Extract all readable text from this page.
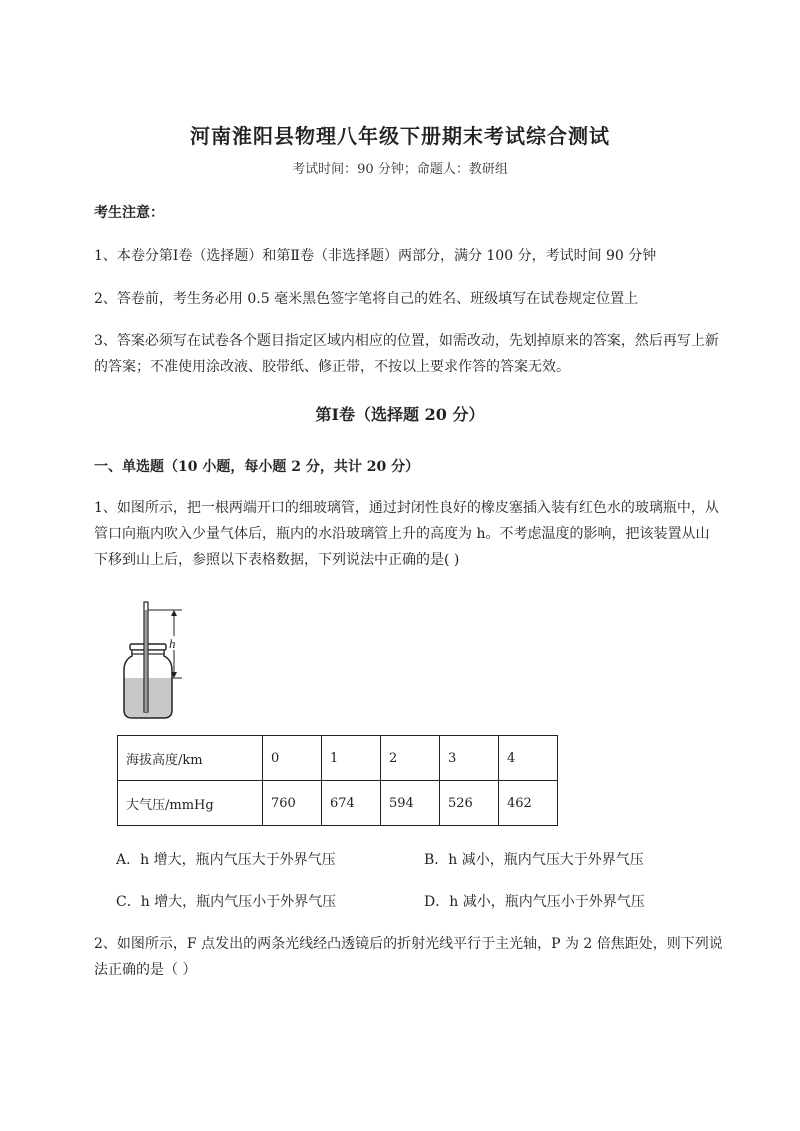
河南淮阳县物理八年级下册期末考试综合测试
考试时间：90 分钟；命题人：教研组
考生注意：
1、本卷分第Ⅰ卷（选择题）和第Ⅱ卷（非选择题）两部分，满分 100 分，考试时间 90 分钟
2、答卷前，考生务必用 0.5 毫米黑色签字笔将自己的姓名、班级填写在试卷规定位置上
3、答案必须写在试卷各个题目指定区域内相应的位置，如需改动，先划掉原来的答案，然后再写上新
的答案；不准使用涂改液、胶带纸、修正带，不按以上要求作答的答案无效。
第Ⅰ卷（选择题 20 分）
一、单选题（10 小题，每小题 2 分，共计 20 分）
1、如图所示，把一根两端开口的细玻璃管，通过封闭性良好的橡皮塞插入装有红色水的玻璃瓶中，从
管口向瓶内吹入少量气体后，瓶内的水沿玻璃管上升的高度为 h。不考虑温度的影响，把该装置从山
下移到山上后，参照以下表格数据，下列说法中正确的是( )
h
海拔高度/km	0	1	2	3	4
大气压/mmHg	760	674	594	526	462
A．h 增大，瓶内气压大于外界气压	B．h 减小，瓶内气压大于外界气压
C．h 增大，瓶内气压小于外界气压	D．h 减小，瓶内气压小于外界气压
2、如图所示，F 点发出的两条光线经凸透镜后的折射光线平行于主光轴，P 为 2 倍焦距处，则下列说
法正确的是（ ）
